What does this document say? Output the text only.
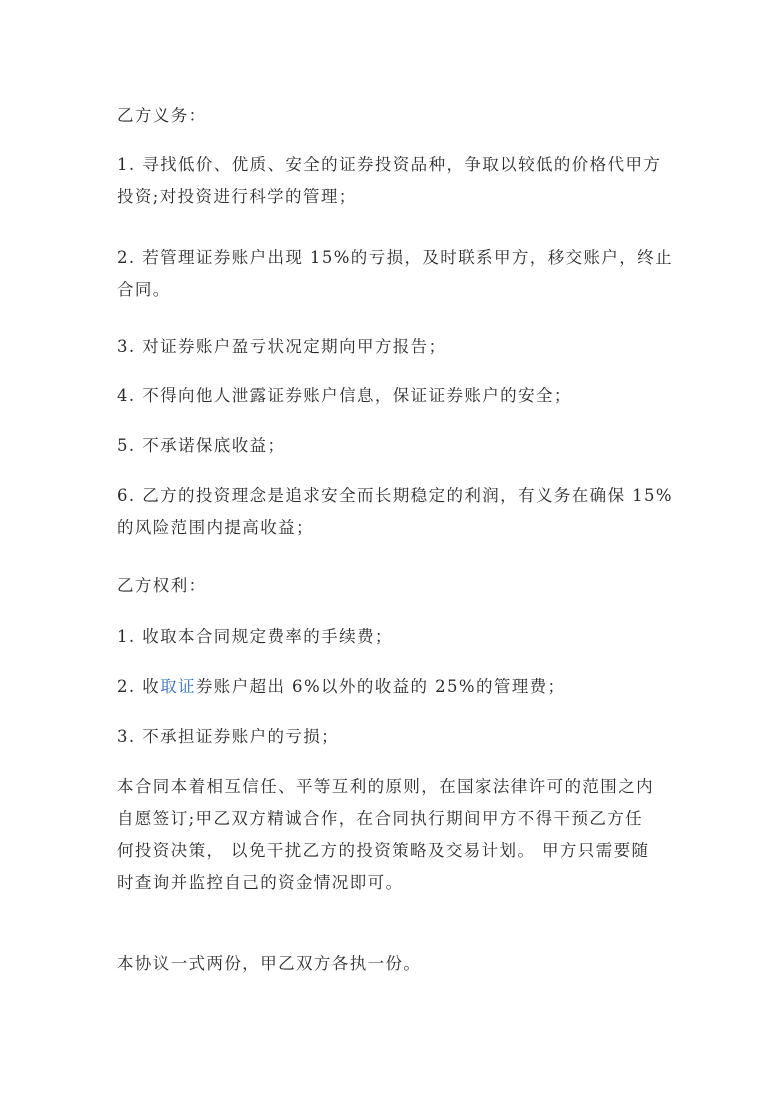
乙方义务：

1. 寻找低价、优质、安全的证券投资品种，争取以较低的价格代甲方
投资;对投资进行科学的管理；

2. 若管理证券账户出现 15%的亏损，及时联系甲方，移交账户，终止
合同。

3. 对证券账户盈亏状况定期向甲方报告；

4. 不得向他人泄露证券账户信息，保证证券账户的安全；

5. 不承诺保底收益；

6. 乙方的投资理念是追求安全而长期稳定的利润，有义务在确保 15%
的风险范围内提高收益；

乙方权利：

1. 收取本合同规定费率的手续费；

2. 收取证券账户超出 6%以外的收益的 25%的管理费；

3. 不承担证券账户的亏损；

本合同本着相互信任、平等互利的原则，在国家法律许可的范围之内
自愿签订;甲乙双方精诚合作，在合同执行期间甲方不得干预乙方任
何投资决策， 以免干扰乙方的投资策略及交易计划。 甲方只需要随
时查询并监控自己的资金情况即可。

本协议一式两份，甲乙双方各执一份。
